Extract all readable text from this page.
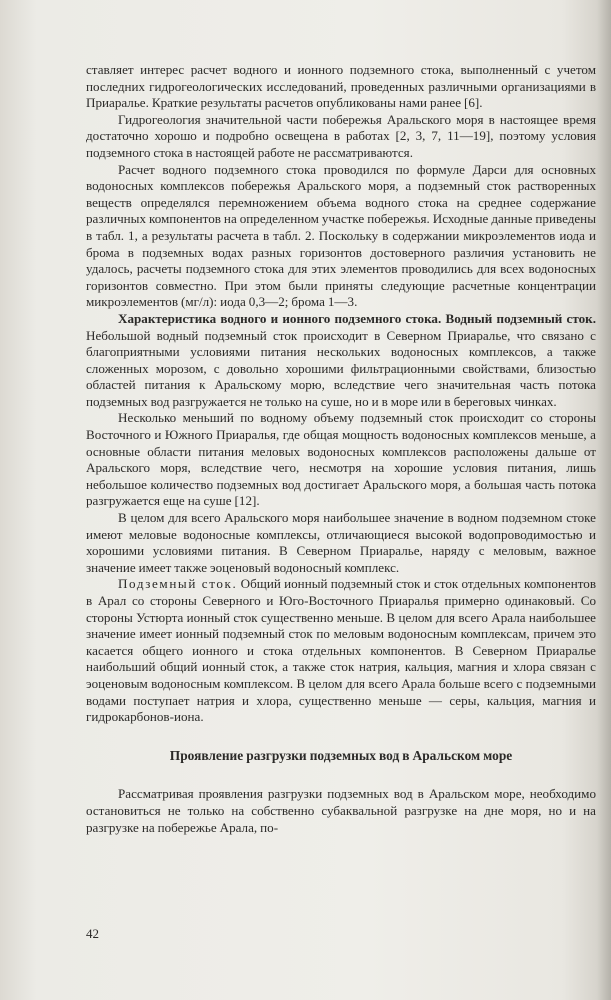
ставляет интерес расчет водного и ионного подземного стока, выполненный с учетом последних гидрогеологических исследований, проведенных различными организациями в Приаралье. Краткие результаты расчетов опубликованы нами ранее [6].

Гидрогеология значительной части побережья Аральского моря в настоящее время достаточно хорошо и подробно освещена в работах [2, 3, 7, 11—19], поэтому условия подземного стока в настоящей работе не рассматриваются.

Расчет водного подземного стока проводился по формуле Дарси для основных водоносных комплексов побережья Аральского моря, а подземный сток растворенных веществ определялся перемножением объема водного стока на среднее содержание различных компонентов на определенном участке побережья. Исходные данные приведены в табл. 1, а результаты расчета в табл. 2. Поскольку в содержании микроэлементов иода и брома в подземных водах разных горизонтов достоверного различия установить не удалось, расчеты подземного стока для этих элементов проводились для всех водоносных горизонтов совместно. При этом были приняты следующие расчетные концентрации микроэлементов (мг/л): иода 0,3—2; брома 1—3.

Характеристика водного и ионного подземного стока. Водный подземный сток. Небольшой водный подземный сток происходит в Северном Приаралье, что связано с благоприятными условиями питания нескольких водоносных комплексов, а также сложенных морозом, с довольно хорошими фильтрационными свойствами, близостью областей питания к Аральскому морю, вследствие чего значительная часть потока подземных вод разгружается не только на суше, но и в море или в береговых чинках.

Несколько меньший по водному объему подземный сток происходит со стороны Восточного и Южного Приаралья, где общая мощность водоносных комплексов меньше, а основные области питания меловых водоносных комплексов расположены дальше от Аральского моря, вследствие чего, несмотря на хорошие условия питания, лишь небольшое количество подземных вод достигает Аральского моря, а большая часть потока разгружается еще на суше [12].

В целом для всего Аральского моря наибольшее значение в водном подземном стоке имеют меловые водоносные комплексы, отличающиеся высокой водопроводимостью и хорошими условиями питания. В Северном Приаралье, наряду с меловым, важное значение имеет также эоценовый водоносный комплекс.

Подземный сток. Общий ионный подземный сток и сток отдельных компонентов в Арал со стороны Северного и Юго-Восточного Приаралья примерно одинаковый. Со стороны Устюрта ионный сток существенно меньше. В целом для всего Арала наибольшее значение имеет ионный подземный сток по меловым водоносным комплексам, причем это касается общего ионного и стока отдельных компонентов. В Северном Приаралье наибольший общий ионный сток, а также сток натрия, кальция, магния и хлора связан с эоценовым водоносным комплексом. В целом для всего Арала больше всего с подземными водами поступает натрия и хлора, существенно меньше — серы, кальция, магния и гидрокарбонов-иона.

Проявление разгрузки подземных вод в Аральском море

Рассматривая проявления разгрузки подземных вод в Аральском море, необходимо остановиться не только на собственно субаквальной разгрузке на дне моря, но и на разгрузке на побережье Арала, по-

42
